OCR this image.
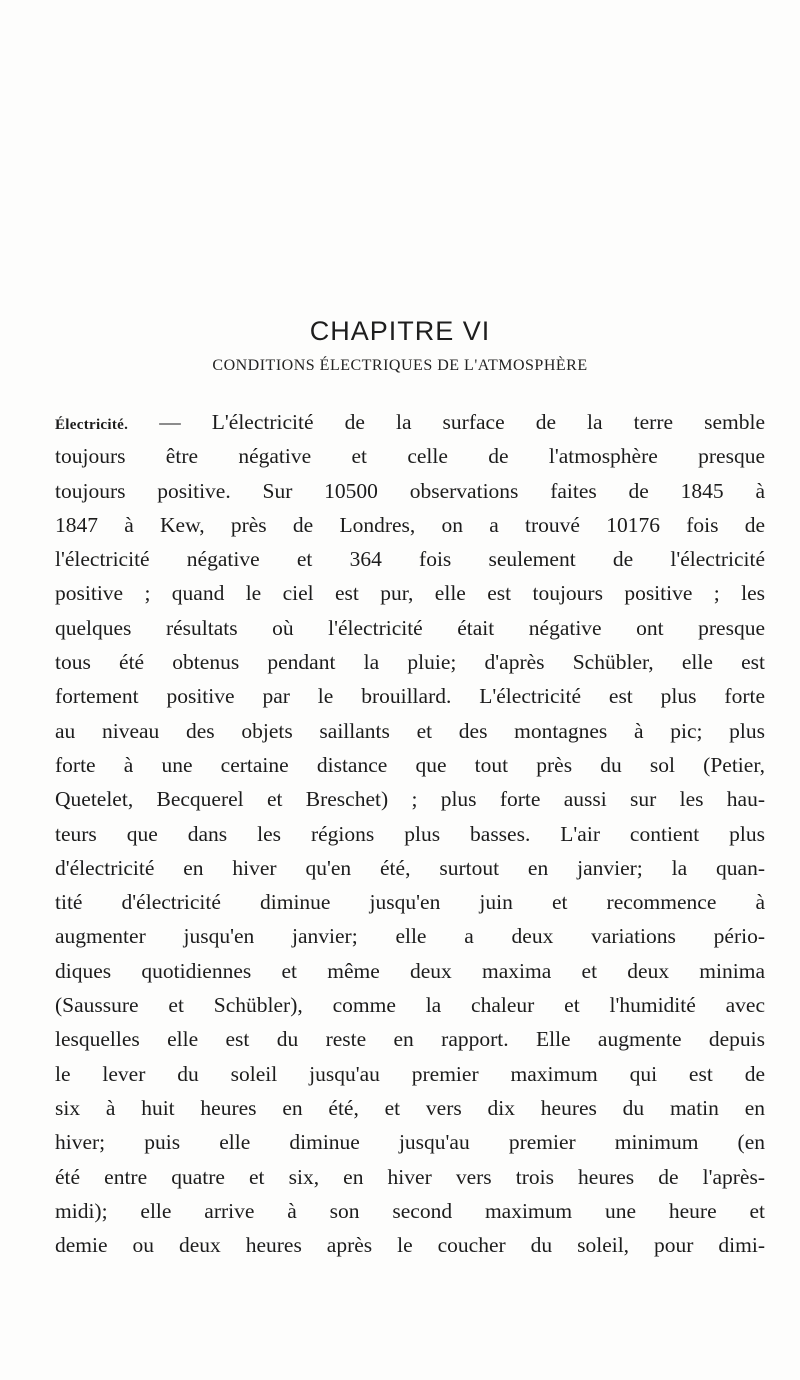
CHAPITRE VI
CONDITIONS ÉLECTRIQUES DE L'ATMOSPHÈRE
Électricité. — L'électricité de la surface de la terre semble
toujours être négative et celle de l'atmosphère presque
toujours positive. Sur 10500 observations faites de 1845 à
1847 à Kew, près de Londres, on a trouvé 10176 fois de
l'électricité négative et 364 fois seulement de l'électricité
positive ; quand le ciel est pur, elle est toujours positive ; les
quelques résultats où l'électricité était négative ont presque
tous été obtenus pendant la pluie; d'après Schübler, elle est
fortement positive par le brouillard. L'électricité est plus forte
au niveau des objets saillants et des montagnes à pic; plus
forte à une certaine distance que tout près du sol (Petier,
Quetelet, Becquerel et Breschet) ; plus forte aussi sur les hau-
teurs que dans les régions plus basses. L'air contient plus
d'électricité en hiver qu'en été, surtout en janvier; la quan-
tité d'électricité diminue jusqu'en juin et recommence à
augmenter jusqu'en janvier; elle a deux variations pério-
diques quotidiennes et même deux maxima et deux minima
(Saussure et Schübler), comme la chaleur et l'humidité avec
lesquelles elle est du reste en rapport. Elle augmente depuis
le lever du soleil jusqu'au premier maximum qui est de
six à huit heures en été, et vers dix heures du matin en
hiver; puis elle diminue jusqu'au premier minimum (en
été entre quatre et six, en hiver vers trois heures de l'après-
midi); elle arrive à son second maximum une heure et
demie ou deux heures après le coucher du soleil, pour dimi-
